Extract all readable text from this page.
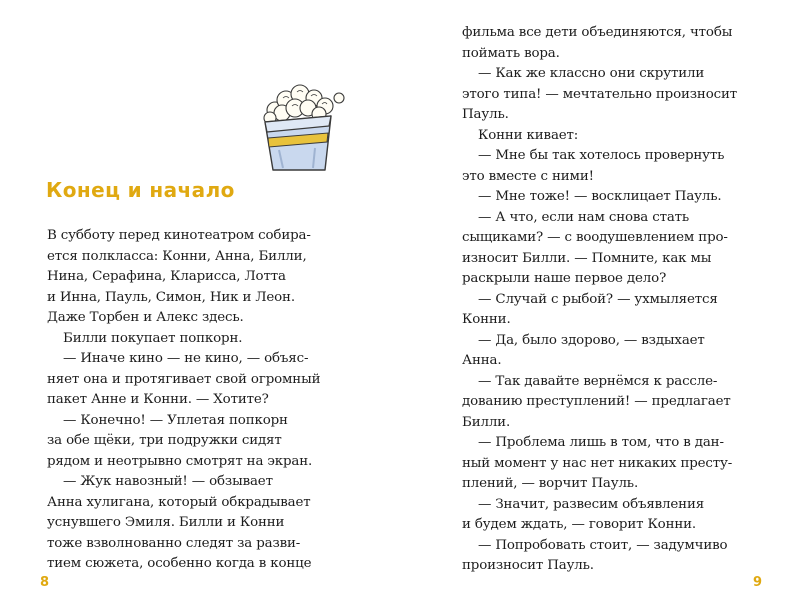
Конец и начало
В субботу перед кинотеатром собира-
ется полкласса: Конни, Анна, Билли,
Нина, Серафина, Кларисса, Лотта
и Инна, Пауль, Симон, Ник и Леон.
Даже Торбен и Алекс здесь.
Билли покупает попкорн.
— Иначе кино — не кино, — объяс-
няет она и протягивает свой огромный
пакет Анне и Конни. — Хотите?
— Конечно! — Уплетая попкорн
за обе щёки, три подружки сидят
рядом и неотрывно смотрят на экран.
— Жук навозный! — обзывает
Анна хулигана, который обкрадывает
уснувшего Эмиля. Билли и Конни
тоже взволнованно следят за разви-
тием сюжета, особенно когда в конце
8
фильма все дети объединяются, чтобы
поймать вора.
— Как же классно они скрутили
этого типа! — мечтательно произносит
Пауль.
Конни кивает:
— Мне бы так хотелось провернуть
это вместе с ними!
— Мне тоже! — восклицает Пауль.
— А что, если нам снова стать
сыщиками? — с воодушевлением про-
износит Билли. — Помните, как мы
раскрыли наше первое дело?
— Случай с рыбой? — ухмыляется
Конни.
— Да, было здорово, — вздыхает
Анна.
— Так давайте вернёмся к рассле-
дованию преступлений! — предлагает
Билли.
— Проблема лишь в том, что в дан-
ный момент у нас нет никаких престу-
плений, — ворчит Пауль.
— Значит, развесим объявления
и будем ждать, — говорит Конни.
— Попробовать стоит, — задумчиво
произносит Пауль.
9
